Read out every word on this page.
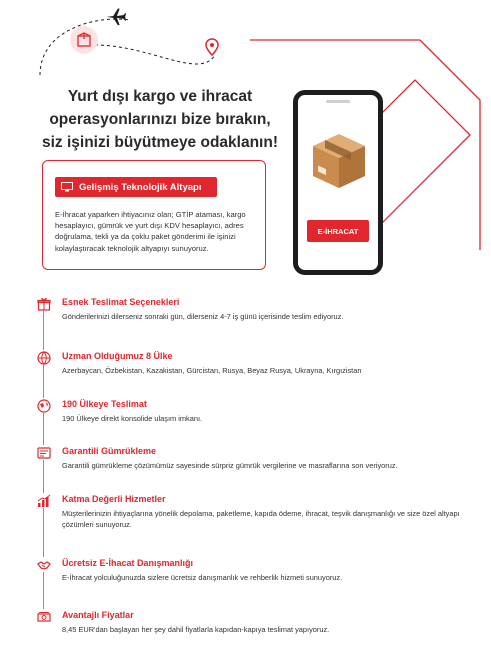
Yurt dışı kargo ve ihracat operasyonlarınızı bize bırakın, siz işinizi büyütmeye odaklanın!
Gelişmiş Teknolojik Altyapı
E-İhracat yaparken ihtiyacınız olan; GTİP ataması, kargo hesaplayıcı, gümrük ve yurt dışı KDV hesaplayıcı, adres doğrulama, tekli ya da çoklu paket gönderimi ile işinizi kolaylaştıracak teknolojik altyapıyı sunuyoruz.
E-İHRACAT
Esnek Teslimat Seçenekleri
Gönderilerinizi dilerseniz sonraki gün, dilerseniz 4-7 iş günü içerisinde teslim ediyoruz.
Uzman Olduğumuz 8 Ülke
Azerbaycan, Özbekistan, Kazakistan, Gürcistan, Rusya, Beyaz Rusya, Ukrayna, Kırgızistan
190 Ülkeye Teslimat
190 Ülkeye direkt konsolide ulaşım imkanı.
Garantili Gümrükleme
Garantili gümrükleme çözümümüz sayesinde sürpriz gümrük vergilerine ve masraflarına son veriyoruz.
Katma Değerli Hizmetler
Müşterilerinizin ihtiyaçlarına yönelik depolama, paketleme, kapıda ödeme, ihracat, teşvik danışmanlığı ve size özel altyapı çözümleri sunuyoruz.
Ücretsiz E-İhacat Danışmanlığı
E-İhracat yolculuğunuzda sizlere ücretsiz danışmanlık ve rehberlik hizmeti sunuyoruz.
Avantajlı Fiyatlar
8,45 EUR'dan başlayan her şey dahil fiyatlarla kapıdan-kapıya teslimat yapıyoruz.
